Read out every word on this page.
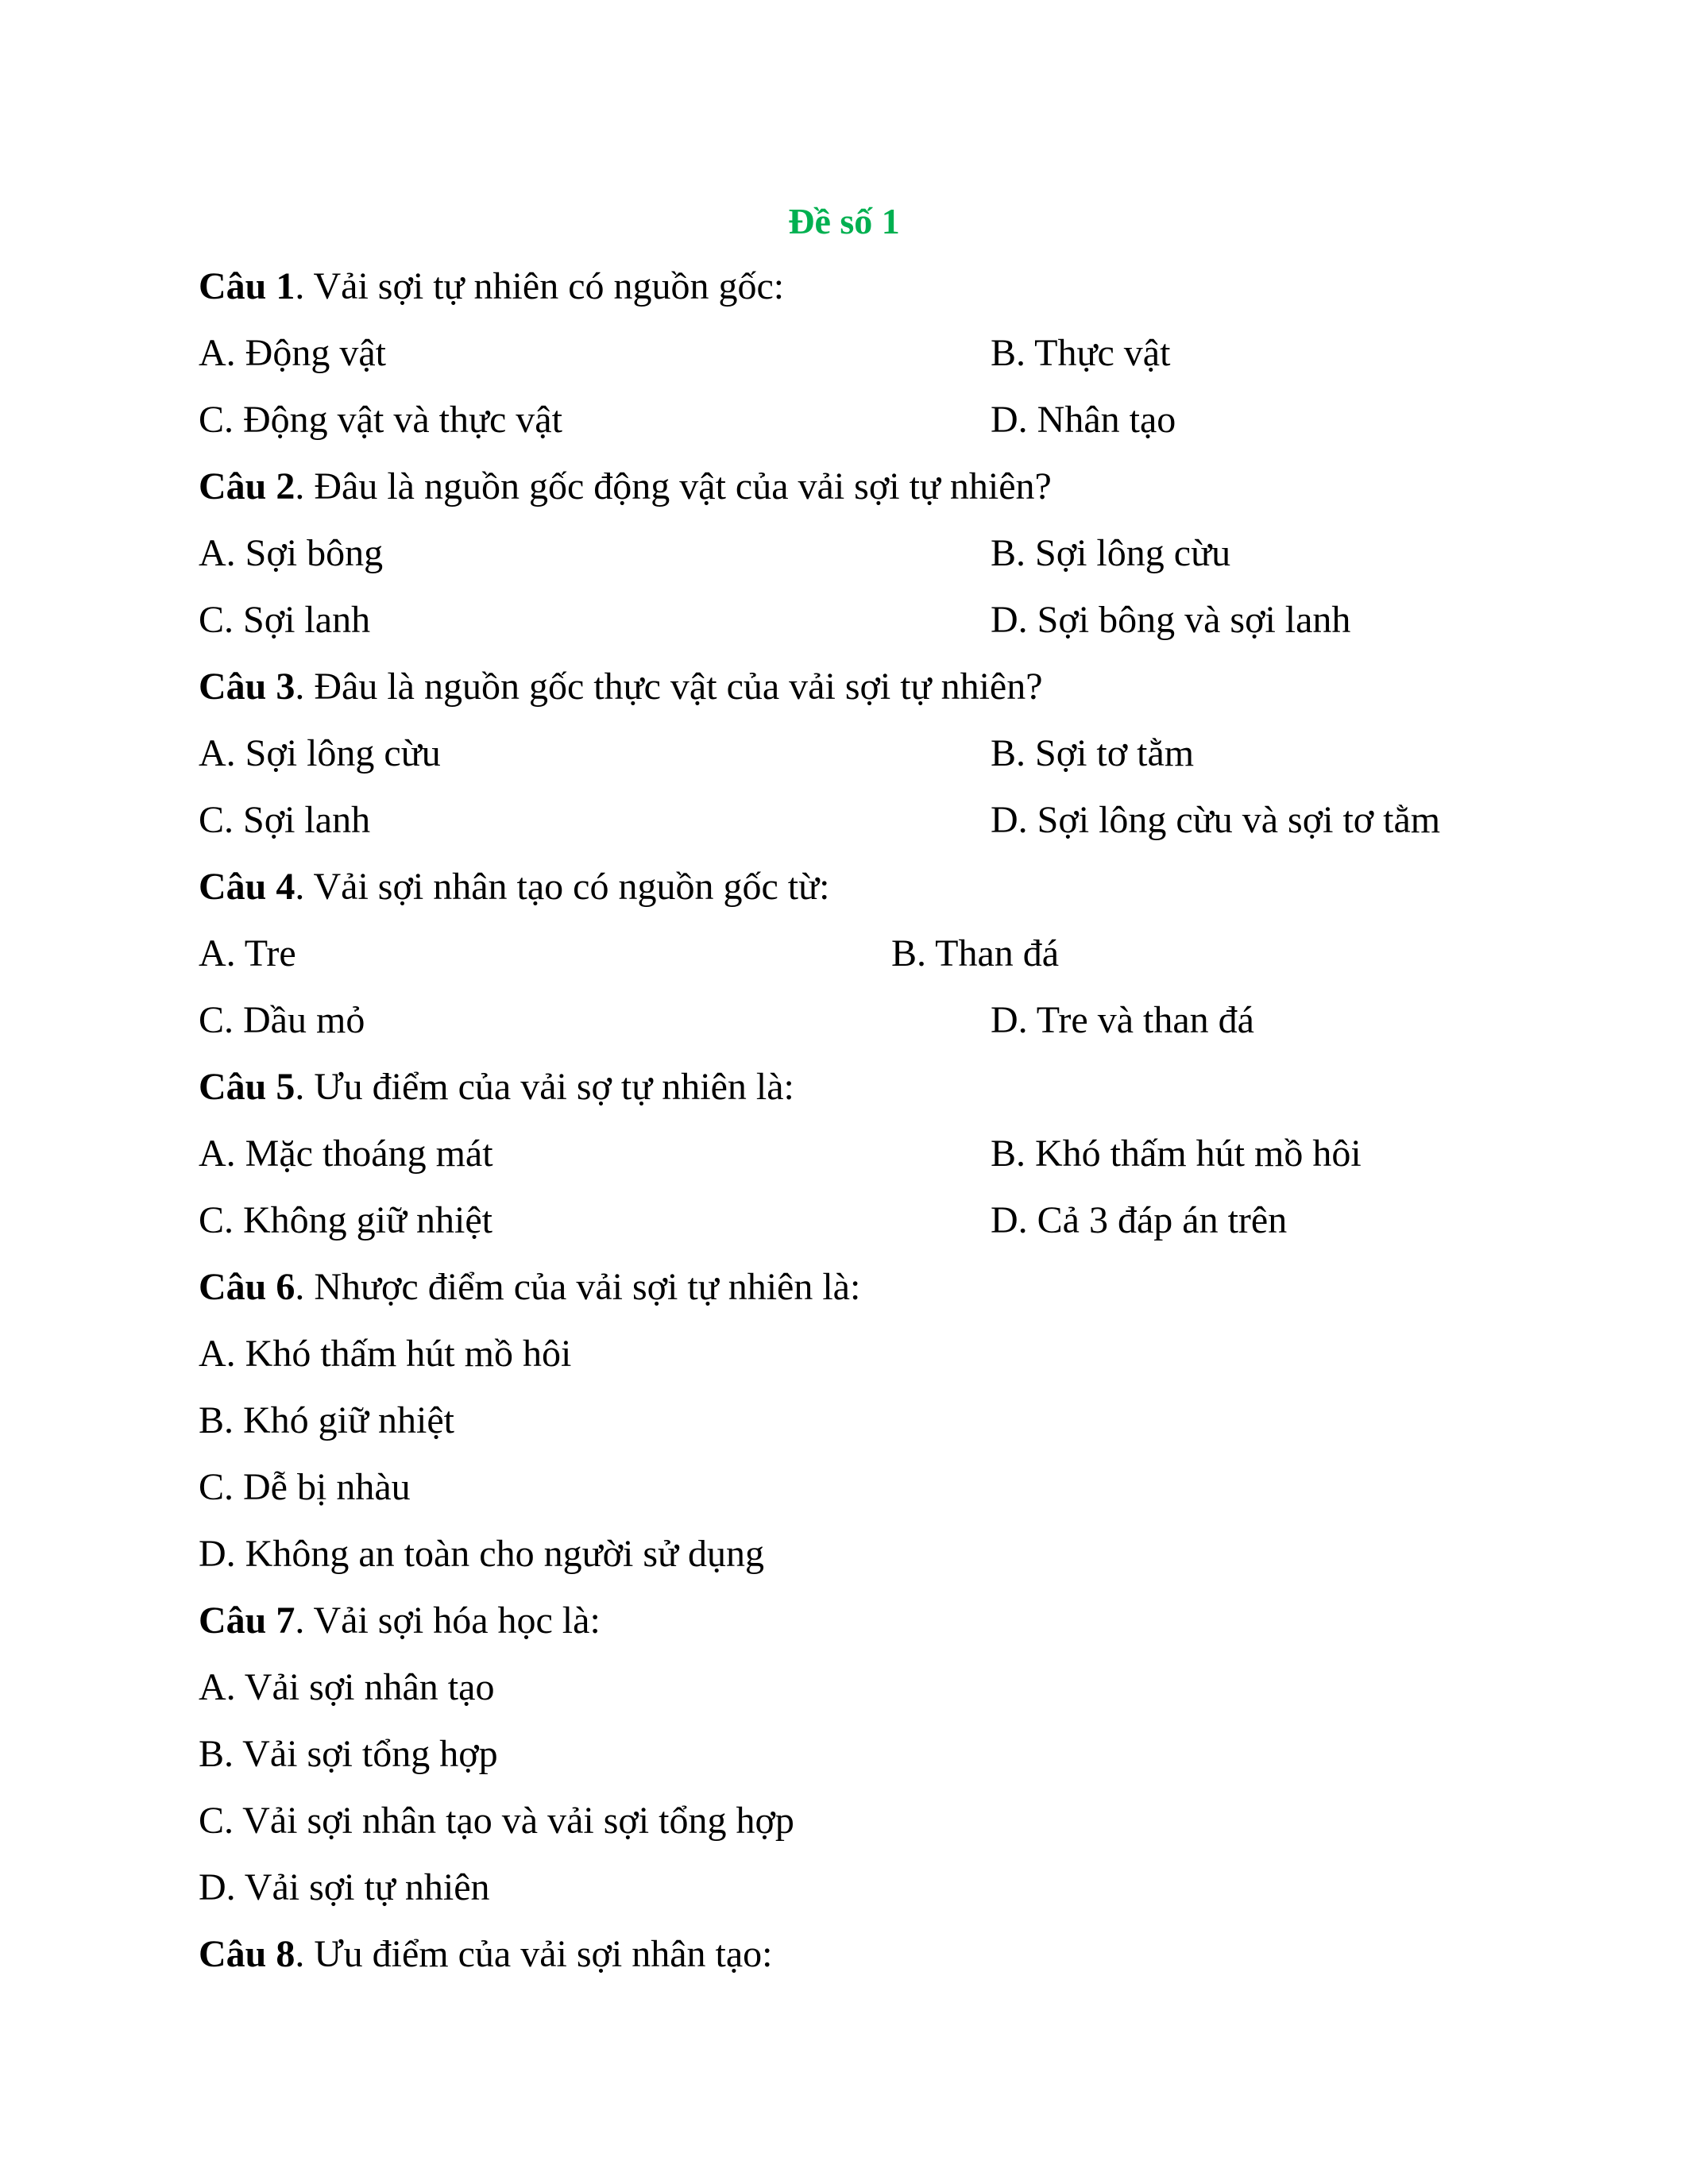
Đề số 1
Câu 1. Vải sợi tự nhiên có nguồn gốc:
A. Động vật	B. Thực vật
C. Động vật và thực vật	D. Nhân tạo
Câu 2. Đâu là nguồn gốc động vật của vải sợi tự nhiên?
A. Sợi bông	B. Sợi lông cừu
C. Sợi lanh	D. Sợi bông và sợi lanh
Câu 3. Đâu là nguồn gốc thực vật của vải sợi tự nhiên?
A. Sợi lông cừu	B. Sợi tơ tằm
C. Sợi lanh	D. Sợi lông cừu và sợi tơ tằm
Câu 4. Vải sợi nhân tạo có nguồn gốc từ:
A. Tre	B. Than đá
C. Dầu mỏ	D. Tre và than đá
Câu 5. Ưu điểm của vải sợ tự nhiên là:
A. Mặc thoáng mát	B. Khó thấm hút mồ hôi
C. Không giữ nhiệt	D. Cả 3 đáp án trên
Câu 6. Nhược điểm của vải sợi tự nhiên là:
A. Khó thấm hút mồ hôi
B. Khó giữ nhiệt
C. Dễ bị nhàu
D. Không an toàn cho người sử dụng
Câu 7. Vải sợi hóa học là:
A. Vải sợi nhân tạo
B. Vải sợi tổng hợp
C. Vải sợi nhân tạo và vải sợi tổng hợp
D. Vải sợi tự nhiên
Câu 8. Ưu điểm của vải sợi nhân tạo:
